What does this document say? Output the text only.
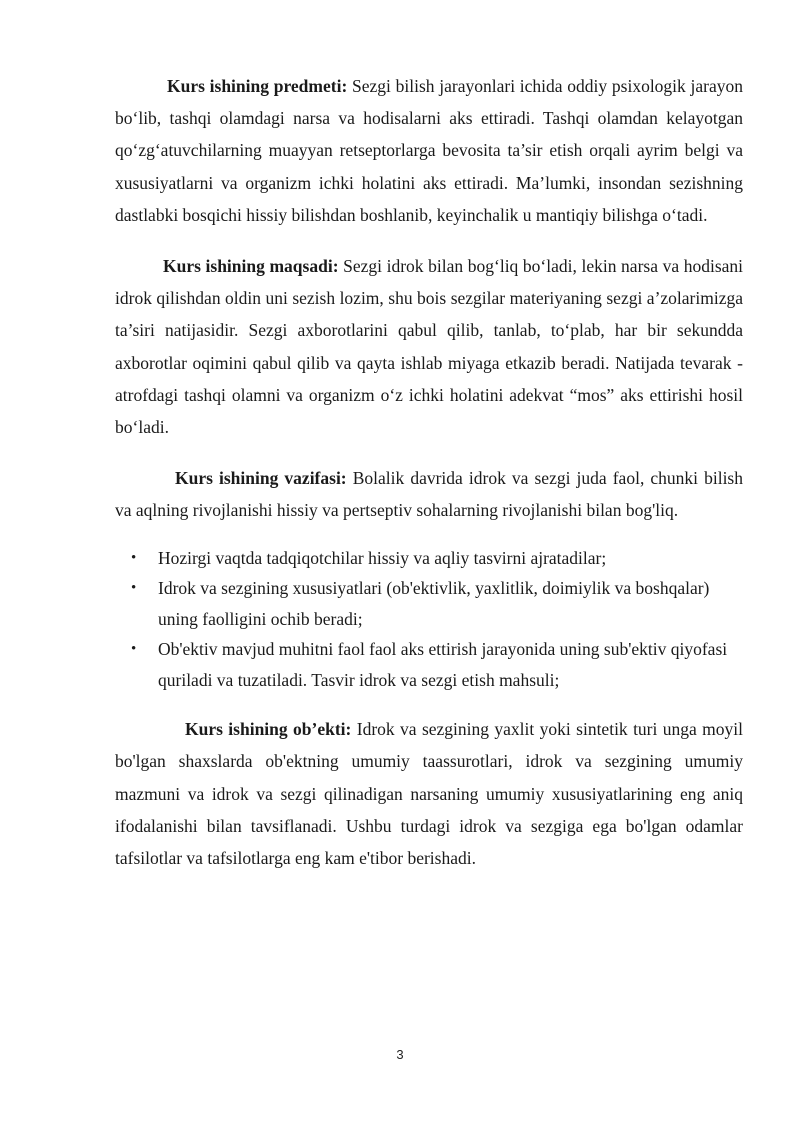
Kurs ishining predmeti: Sezgi bilish jarayonlari ichida oddiy psixologik jarayon bo‘lib, tashqi olamdagi narsa va hodisalarni aks ettiradi. Tashqi olamdan kelayotgan qo‘zg‘atuvchilarning muayyan retseptorlarga bevosita ta’sir etish orqali ayrim belgi va xususiyatlarni va organizm ichki holatini aks ettiradi. Ma’lumki, insondan sezishning dastlabki bosqichi hissiy bilishdan boshlanib, keyinchalik u mantiqiy bilishga o‘tadi.

Kurs ishining maqsadi: Sezgi idrok bilan bog‘liq bo‘ladi, lekin narsa va hodisani idrok qilishdan oldin uni sezish lozim, shu bois sezgilar materiyaning sezgi a’zolarimizga ta’siri natijasidir. Sezgi axborotlarini qabul qilib, tanlab, to‘plab, har bir sekundda axborotlar oqimini qabul qilib va qayta ishlab miyaga etkazib beradi. Natijada tevarak - atrofdagi tashqi olamni va organizm o‘z ichki holatini adekvat “mos” aks ettirishi hosil bo‘ladi.

Kurs ishining vazifasi: Bolalik davrida idrok va sezgi juda faol, chunki bilish va aqlning rivojlanishi hissiy va pertseptiv sohalarning rivojlanishi bilan bog'liq.

• Hozirgi vaqtda tadqiqotchilar hissiy va aqliy tasvirni ajratadilar;
• Idrok va sezgining xususiyatlari (ob'ektivlik, yaxlitlik, doimiylik va boshqalar) uning faolligini ochib beradi;
• Ob'ektiv mavjud muhitni faol faol aks ettirish jarayonida uning sub'ektiv qiyofasi quriladi va tuzatiladi. Tasvir idrok va sezgi etish mahsuli;

Kurs ishining ob’ekti: Idrok va sezgining yaxlit yoki sintetik turi unga moyil bo'lgan shaxslarda ob'ektning umumiy taassurotlari, idrok va sezgining umumiy mazmuni va idrok va sezgi qilinadigan narsaning umumiy xususiyatlarining eng aniq ifodalanishi bilan tavsiflanadi. Ushbu turdagi idrok va sezgiga ega bo'lgan odamlar tafsilotlar va tafsilotlarga eng kam e'tibor berishadi.

3
